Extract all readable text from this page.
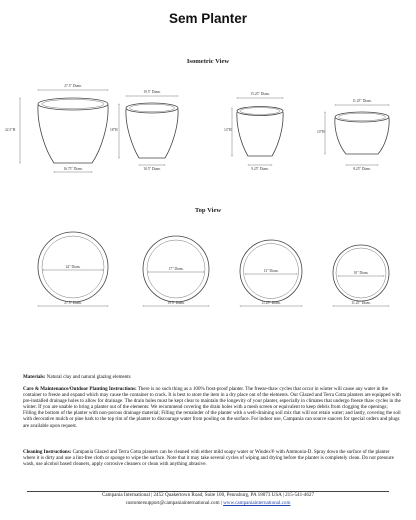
Sem Planter
Isometric View
Top View
27.5" Diam.
22.5"H
16.75" Diam.
19.5" Diam.
18"H
10.5" Diam.
15.25" Diam.
14"H
9.25" Diam.
11.25" Diam.
10"H
8.25" Diam.
24" Diam.
27.5" Diam.
17" Diam.
19.5" Diam.
13" Diam.
15.25" Diam.
10" Diam.
11.25" Diam.
Materials: Natural clay and natural glazing elements
Care & Maintenance/Outdoor Planting Instructions: There is no such thing as a 100% frost-proof planter. The freeze-thaw cycles that occur in winter will cause any water in the container to freeze and expand which may cause the container to crack. It is best to store the item in a dry place out of the elements. Our Glazed and Terra Cotta planters are equipped with pre-installed drainage holes to allow for drainage. The drain holes must be kept clear to maintain the longevity of your planter, especially in climates that undergo freeze thaw cycles in the winter. If you are unable to bring a planter out of the elements: We recommend covering the drain holes with a mesh screen or equivalent to keep debris from clogging the openings; Filling the bottom of the planter with non-porous drainage material; Filling the remainder of the planter with a well-draining soil mix that will not retain water; and lastly, covering the soil with decorative mulch or pine bark to the top rim of the planter to discourage water from pooling on the surface. For indoor use, Campania can source saucers for special orders and plugs are available upon request.
Cleaning Instructions: Campania Glazed and Terra Cotta planters can be cleaned with either mild soapy water or Windex® with Ammonia-D. Spray down the surface of the planter where it is dirty and use a lint-free cloth or sponge to wipe the surface. Note that it may take several cycles of wiping and drying before the planter is completely clean. Do not pressure wash, use alcohol based cleaners, apply corrosive cleaners or clean with anything abrasive.
Campania International | 2452 Quakertown Road, Suite 100, Pennsburg, PA 18073 USA | 215-541-4627
customersupport@campaniainternational.com | www.campaniainternational.com
